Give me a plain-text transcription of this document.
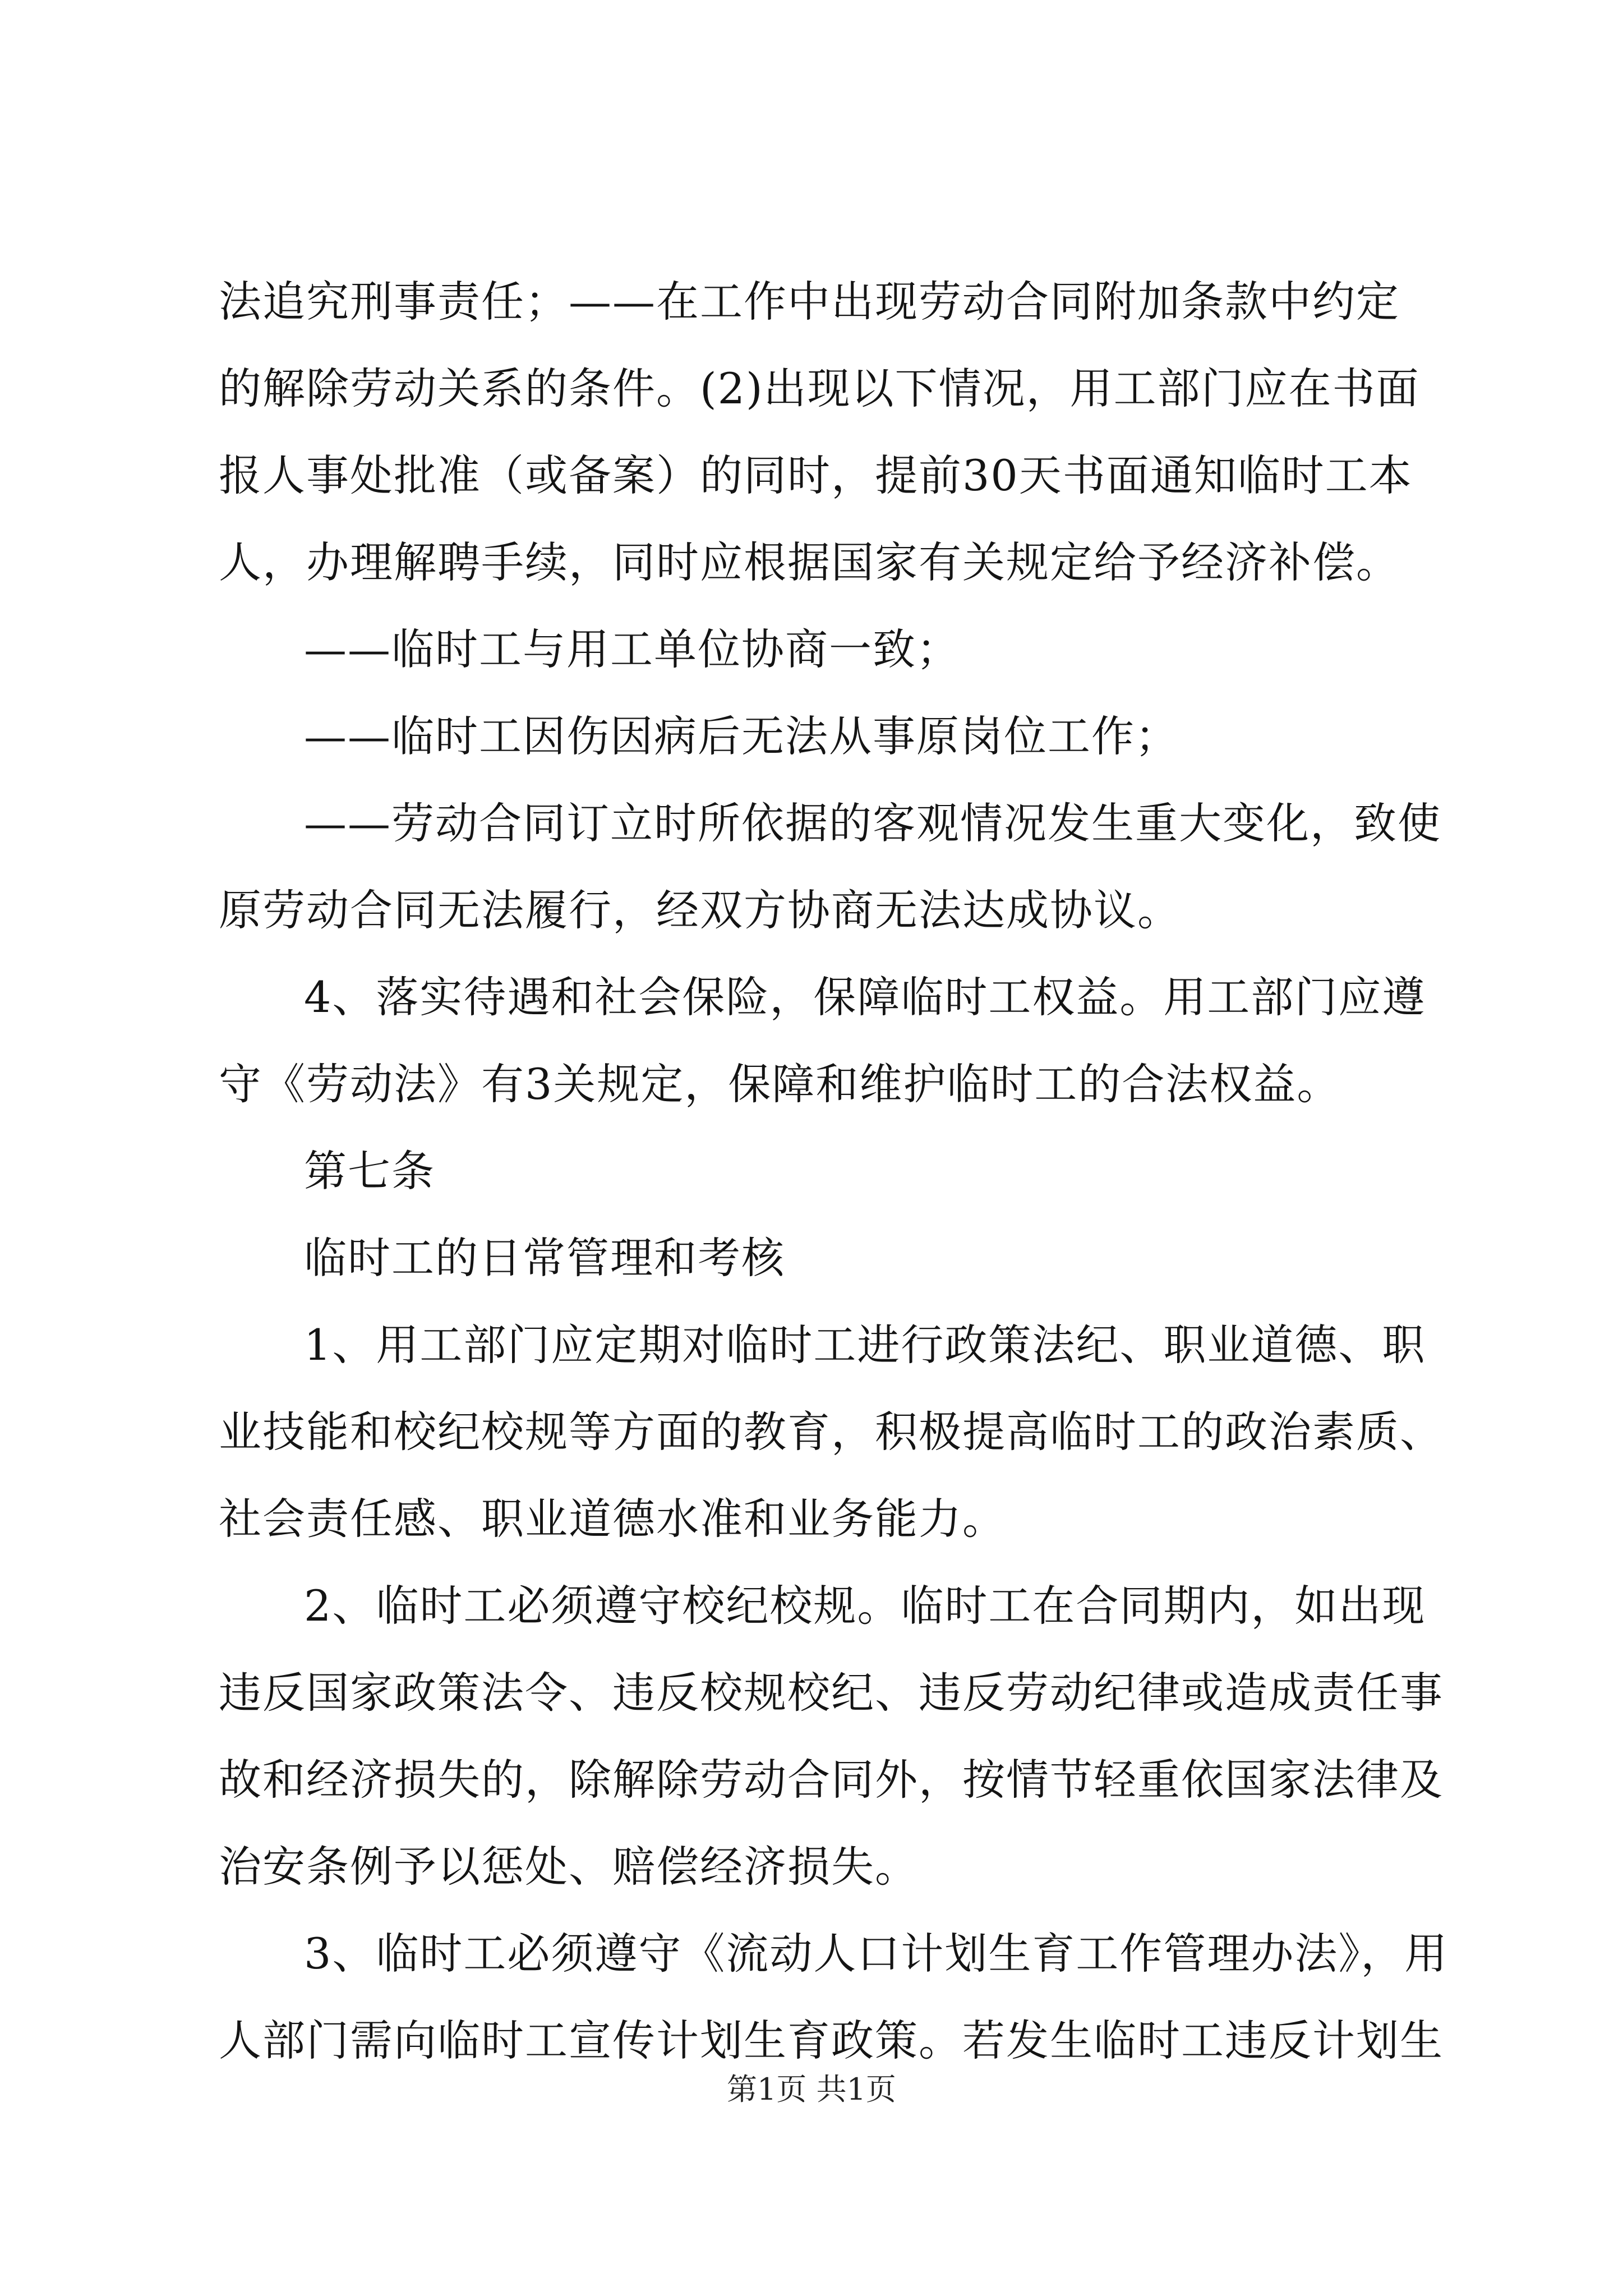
法追究刑事责任；——在工作中出现劳动合同附加条款中约定
的解除劳动关系的条件。(2)出现以下情况，用工部门应在书面
报人事处批准（或备案）的同时，提前30天书面通知临时工本
人，办理解聘手续，同时应根据国家有关规定给予经济补偿。
——临时工与用工单位协商一致；
——临时工因伤因病后无法从事原岗位工作；
——劳动合同订立时所依据的客观情况发生重大变化，致使
原劳动合同无法履行，经双方协商无法达成协议。
4、落实待遇和社会保险，保障临时工权益。用工部门应遵
守《劳动法》有3关规定，保障和维护临时工的合法权益。
第七条
临时工的日常管理和考核
1、用工部门应定期对临时工进行政策法纪、职业道德、职
业技能和校纪校规等方面的教育，积极提高临时工的政治素质、
社会责任感、职业道德水准和业务能力。
2、临时工必须遵守校纪校规。临时工在合同期内，如出现
违反国家政策法令、违反校规校纪、违反劳动纪律或造成责任事
故和经济损失的，除解除劳动合同外，按情节轻重依国家法律及
治安条例予以惩处、赔偿经济损失。
3、临时工必须遵守《流动人口计划生育工作管理办法》，用
人部门需向临时工宣传计划生育政策。若发生临时工违反计划生
第1页 共1页
